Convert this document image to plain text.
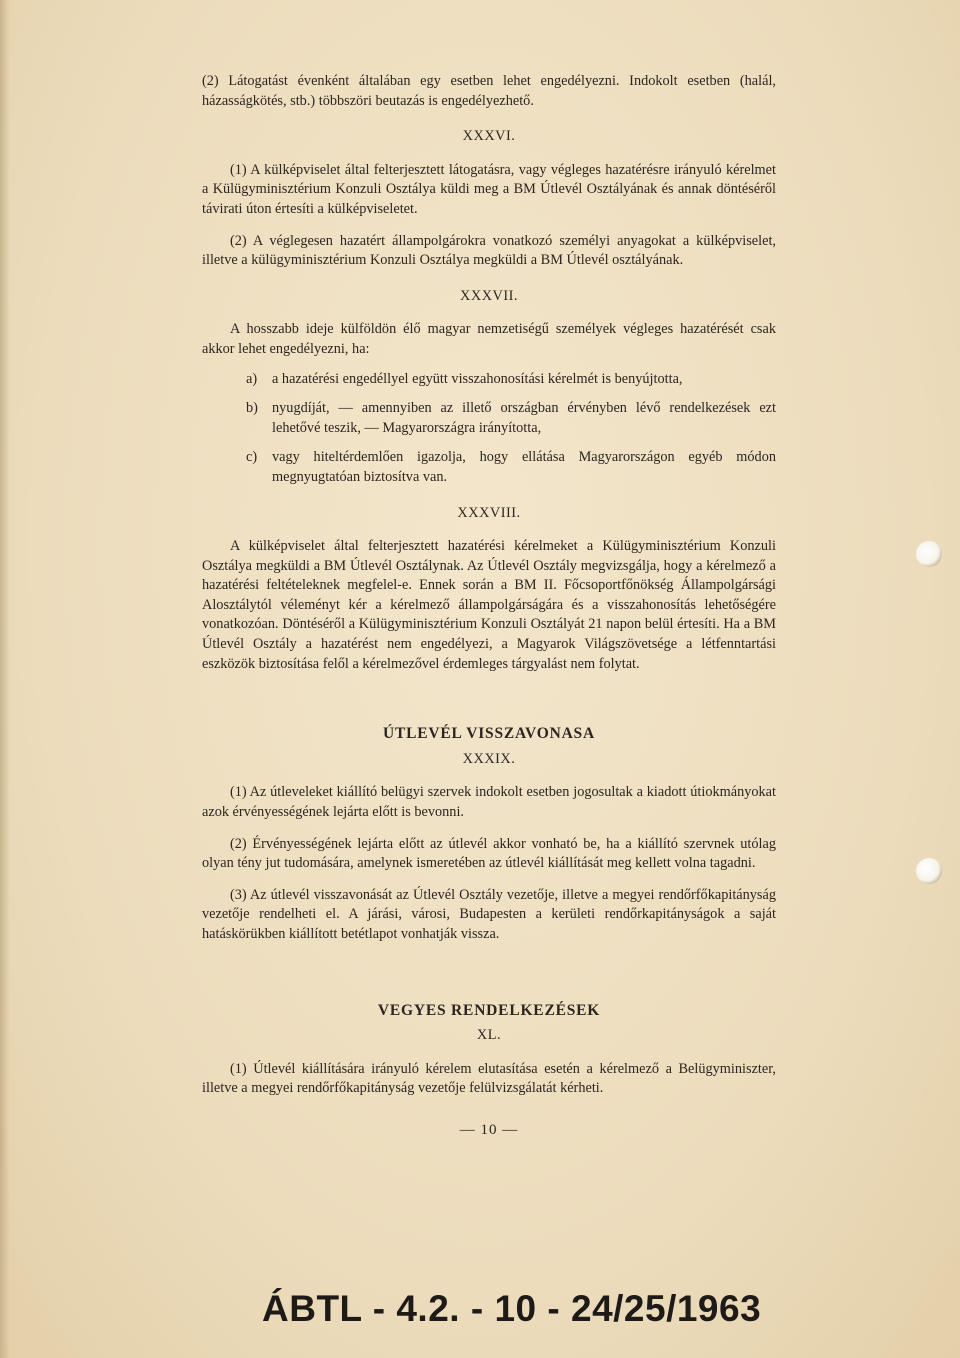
(2) Látogatást évenként általában egy esetben lehet engedélyezni. Indokolt esetben (halál, házasságkötés, stb.) többszöri beutazás is engedélyezhető.

XXXVI.

(1) A külképviselet által felterjesztett látogatásra, vagy végleges hazatérésre irányuló kérelmet a Külügyminisztérium Konzuli Osztálya küldi meg a BM Útlevél Osztályának és annak döntéséről távirati úton értesíti a külképviseletet.

(2) A véglegesen hazatért állampolgárokra vonatkozó személyi anyagokat a külképviselet, illetve a külügyminisztérium Konzuli Osztálya megküldi a BM Útlevél osztályának.

XXXVII.

A hosszabb ideje külföldön élő magyar nemzetiségű személyek végleges hazatérését csak akkor lehet engedélyezni, ha:

a) a hazatérési engedéllyel együtt visszahonosítási kérelmét is benyújtotta,

b) nyugdíját, — amennyiben az illető országban érvényben lévő rendelkezések ezt lehetővé teszik, — Magyarországra irányította,

c) vagy hiteltérdemlően igazolja, hogy ellátása Magyarországon egyéb módon megnyugtatóan biztosítva van.

XXXVIII.

A külképviselet által felterjesztett hazatérési kérelmeket a Külügyminisztérium Konzuli Osztálya megküldi a BM Útlevél Osztálynak. Az Útlevél Osztály megvizsgálja, hogy a kérelmező a hazatérési feltételeknek megfelel-e. Ennek során a BM II. Főcsoportfőnökség Állampolgársági Alosztálytól véleményt kér a kérelmező állampolgárságára és a visszahonosítás lehetőségére vonatkozóan. Döntéséről a Külügyminisztérium Konzuli Osztályát 21 napon belül értesíti. Ha a BM Útlevél Osztály a hazatérést nem engedélyezi, a Magyarok Világszövetsége a létfenntartási eszközök biztosítása felől a kérelmezővel érdemleges tárgyalást nem folytat.

ÚTLEVÉL VISSZAVONASA
XXXIX.

(1) Az útleveleket kiállító belügyi szervek indokolt esetben jogosultak a kiadott útiokmányokat azok érvényességének lejárta előtt is bevonni.

(2) Érvényességének lejárta előtt az útlevél akkor vonható be, ha a kiállító szervnek utólag olyan tény jut tudomására, amelynek ismeretében az útlevél kiállítását meg kellett volna tagadni.

(3) Az útlevél visszavonását az Útlevél Osztály vezetője, illetve a megyei rendőrfőkapitányság vezetője rendelheti el. A járási, városi, Budapesten a kerületi rendőrkapitányságok a saját hatáskörükben kiállított betétlapot vonhatják vissza.

VEGYES RENDELKEZÉSEK
XL.

(1) Útlevél kiállítására irányuló kérelem elutasítása esetén a kérelmező a Belügyminiszter, illetve a megyei rendőrfőkapitányság vezetője felülvizsgálatát kérheti.

— 10 —
ÁBTL - 4.2. - 10 - 24/25/1963
